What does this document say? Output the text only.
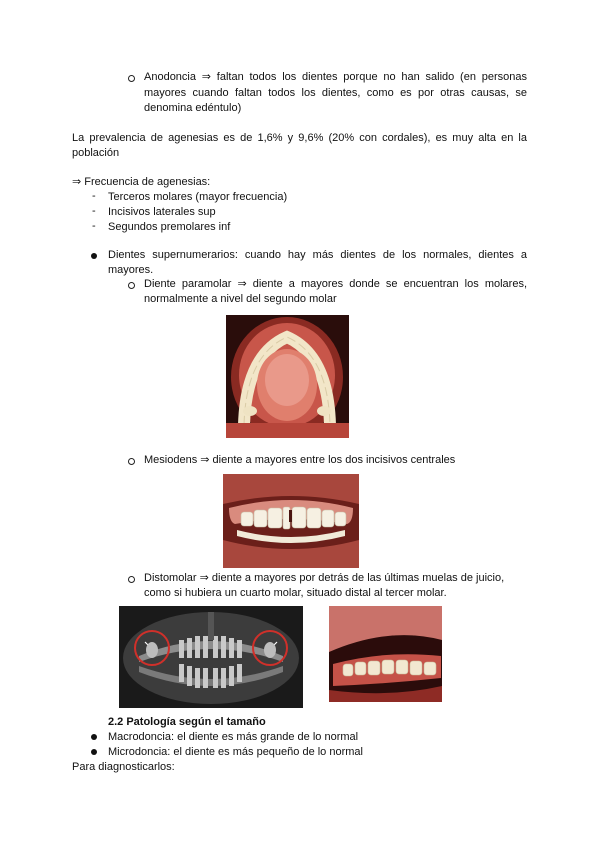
Anodoncia ⇒ faltan todos los dientes porque no han salido (en personas
mayores cuando faltan todos los dientes, como es por otras causas, se
denomina edéntulo)
La prevalencia de agenesias es de 1,6% y 9,6% (20% con cordales), es muy alta en la
población
⇒ Frecuencia de agenesias:
- Terceros molares (mayor frecuencia)
- Incisivos laterales sup
- Segundos premolares inf
Dientes supernumerarios: cuando hay más dientes de los normales, dientes a
mayores.
Diente paramolar ⇒ diente a mayores donde se encuentran los molares,
normalmente a nivel del segundo molar
Mesiodens ⇒ diente a mayores entre los dos incisivos centrales
Distomolar ⇒ diente a mayores por detrás de las últimas muelas de juicio,
como si hubiera un cuarto molar, situado distal al tercer molar.
2.2 Patología según el tamaño
Macrodoncia: el diente es más grande de lo normal
Microdoncia: el diente es más pequeño de lo normal
Para diagnosticarlos:
